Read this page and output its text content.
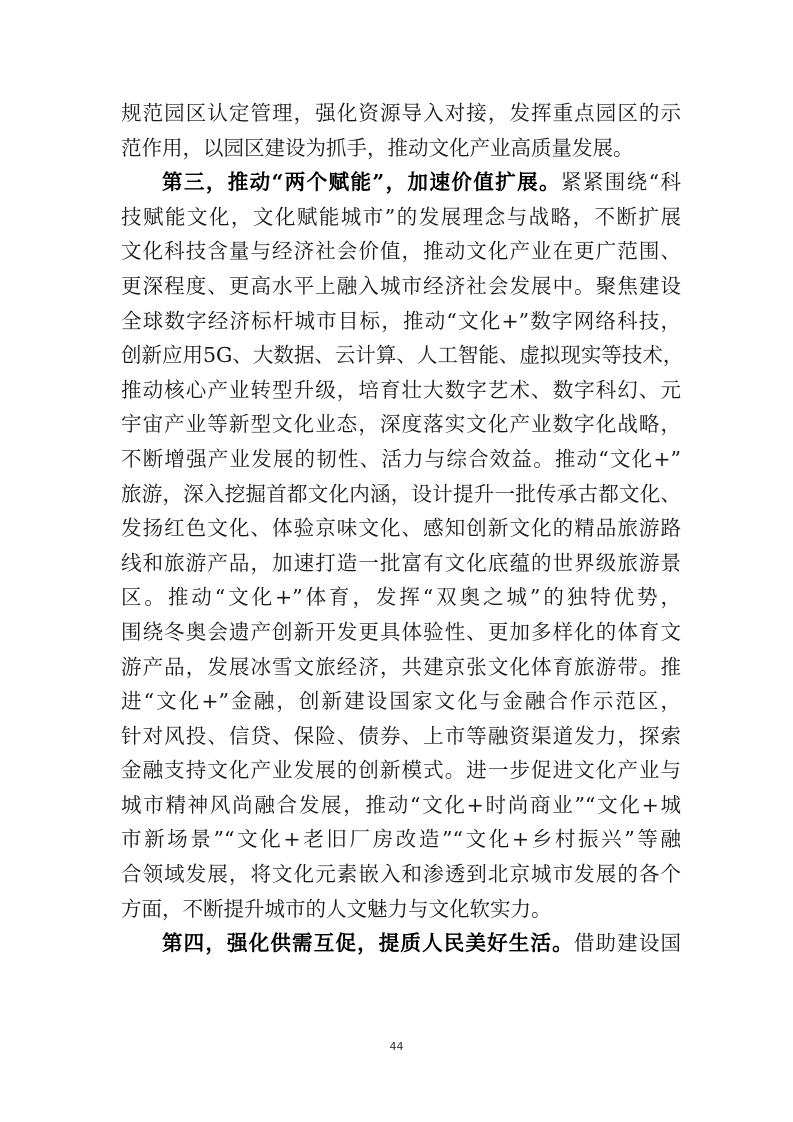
规范园区认定管理，强化资源导入对接，发挥重点园区的示
范作用，以园区建设为抓手，推动文化产业高质量发展。
第三，推动“两个赋能”，加速价值扩展。紧紧围绕“科
技赋能文化，文化赋能城市”的发展理念与战略，不断扩展
文化科技含量与经济社会价值，推动文化产业在更广范围、
更深程度、更高水平上融入城市经济社会发展中。聚焦建设
全球数字经济标杆城市目标，推动“文化+”数字网络科技，
创新应用5G、大数据、云计算、人工智能、虚拟现实等技术，
推动核心产业转型升级，培育壮大数字艺术、数字科幻、元
宇宙产业等新型文化业态，深度落实文化产业数字化战略，
不断增强产业发展的韧性、活力与综合效益。推动“文化+”
旅游，深入挖掘首都文化内涵，设计提升一批传承古都文化、
发扬红色文化、体验京味文化、感知创新文化的精品旅游路
线和旅游产品，加速打造一批富有文化底蕴的世界级旅游景
区。推动“文化+”体育，发挥“双奥之城”的独特优势，
围绕冬奥会遗产创新开发更具体验性、更加多样化的体育文
游产品，发展冰雪文旅经济，共建京张文化体育旅游带。推
进“文化+”金融，创新建设国家文化与金融合作示范区，
针对风投、信贷、保险、债券、上市等融资渠道发力，探索
金融支持文化产业发展的创新模式。进一步促进文化产业与
城市精神风尚融合发展，推动“文化+时尚商业”“文化+城
市新场景”“文化+老旧厂房改造”“文化+乡村振兴”等融
合领域发展，将文化元素嵌入和渗透到北京城市发展的各个
方面，不断提升城市的人文魅力与文化软实力。
第四，强化供需互促，提质人民美好生活。借助建设国
44
